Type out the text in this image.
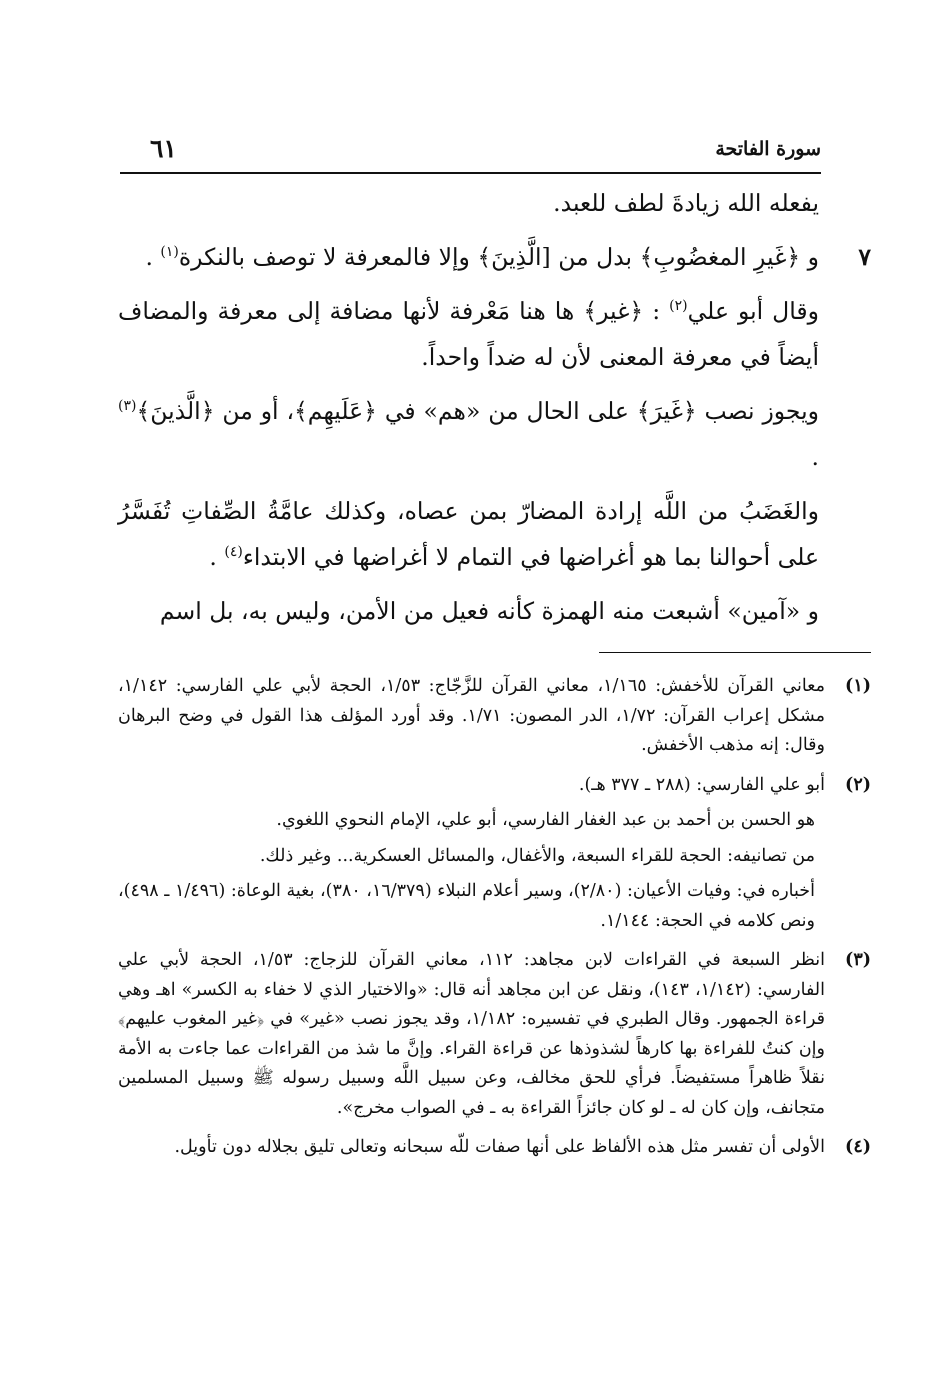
سورة الفاتحة
٦١

يفعله الله زيادةَ لطف للعبد.

٧و ﴿غَيرِ المغضُوبِ﴾ بدل من [الَّذِينَ﴾ وإلا فالمعرفة لا توصف بالنكرة$^{(١)}$ .

وقال أبو علي$^{(٢)}$ : ﴿غير﴾ ها هنا مَعْرفة لأنها مضافة إلى معرفة والمضاف أيضاً في معرفة المعنى لأن له ضداً واحداً.

ويجوز نصب ﴿غَيرَ﴾ على الحال من «هم» في ﴿عَلَيهِم﴾، أو من ﴿الَّذينَ﴾$^{(٣)}$ .

والغَضَبُ من اللَّه إرادة المضارّ بمن عصاه، وكذلك عامَّةُ الصِّفاتِ تُفَسَّرُ على أحوالنا بما هو أغراضها في التمام لا أغراضها في الابتداء$^{(٤)}$ .

و «آمين» أشبعت منه الهمزة كأنه فعيل من الأمن، وليس به، بل اسم

(١)

معاني القرآن للأخفش: ١/١٦٥، معاني القرآن للزَّجّاج: ١/٥٣، الحجة لأبي علي الفارسي: ١/١٤٢، مشكل إعراب القرآن: ١/٧٢، الدر المصون: ١/٧١. وقد أورد المؤلف هذا القول في وضح البرهان وقال: إنه مذهب الأخفش.

(٢)

أبو علي الفارسي: (٢٨٨ ـ ٣٧٧ هـ).

هو الحسن بن أحمد بن عبد الغفار الفارسي، أبو علي، الإمام النحوي اللغوي.

من تصانيفه: الحجة للقراء السبعة، والأغفال، والمسائل العسكرية... وغير ذلك.

أخباره في: وفيات الأعيان: (٢/٨٠)، وسير أعلام النبلاء (١٦/٣٧٩، ٣٨٠)، بغية الوعاة: (١/٤٩٦ ـ ٤٩٨)، ونص كلامه في الحجة: ١/١٤٤.

(٣)

انظر السبعة في القراءات لابن مجاهد: ١١٢، معاني القرآن للزجاج: ١/٥٣، الحجة لأبي علي الفارسي: (١/١٤٢، ١٤٣)، ونقل عن ابن مجاهد أنه قال: «والاختيار الذي لا خفاء به الكسر» اهـ وهي قراءة الجمهور. وقال الطبري في تفسيره: ١/١٨٢، وقد يجوز نصب «غير» في ﴿غير المغوب عليهم﴾ وإن كنتُ للفراءة بها كارهاً لشذوذها عن قراءة القراء. وإنَّ ما شذ من القراءات عما جاءت به الأمة نقلاً ظاهراً مستفيضاً. فرأي للحق مخالف، وعن سبيل اللَّه وسبيل رسوله ﷺ وسبيل المسلمين متجانف، وإن كان له ـ لو كان جائزاً القراءة به ـ في الصواب مخرج».

(٤)

الأولى أن تفسر مثل هذه الألفاظ على أنها صفات للّه سبحانه وتعالى تليق بجلاله دون تأويل.
